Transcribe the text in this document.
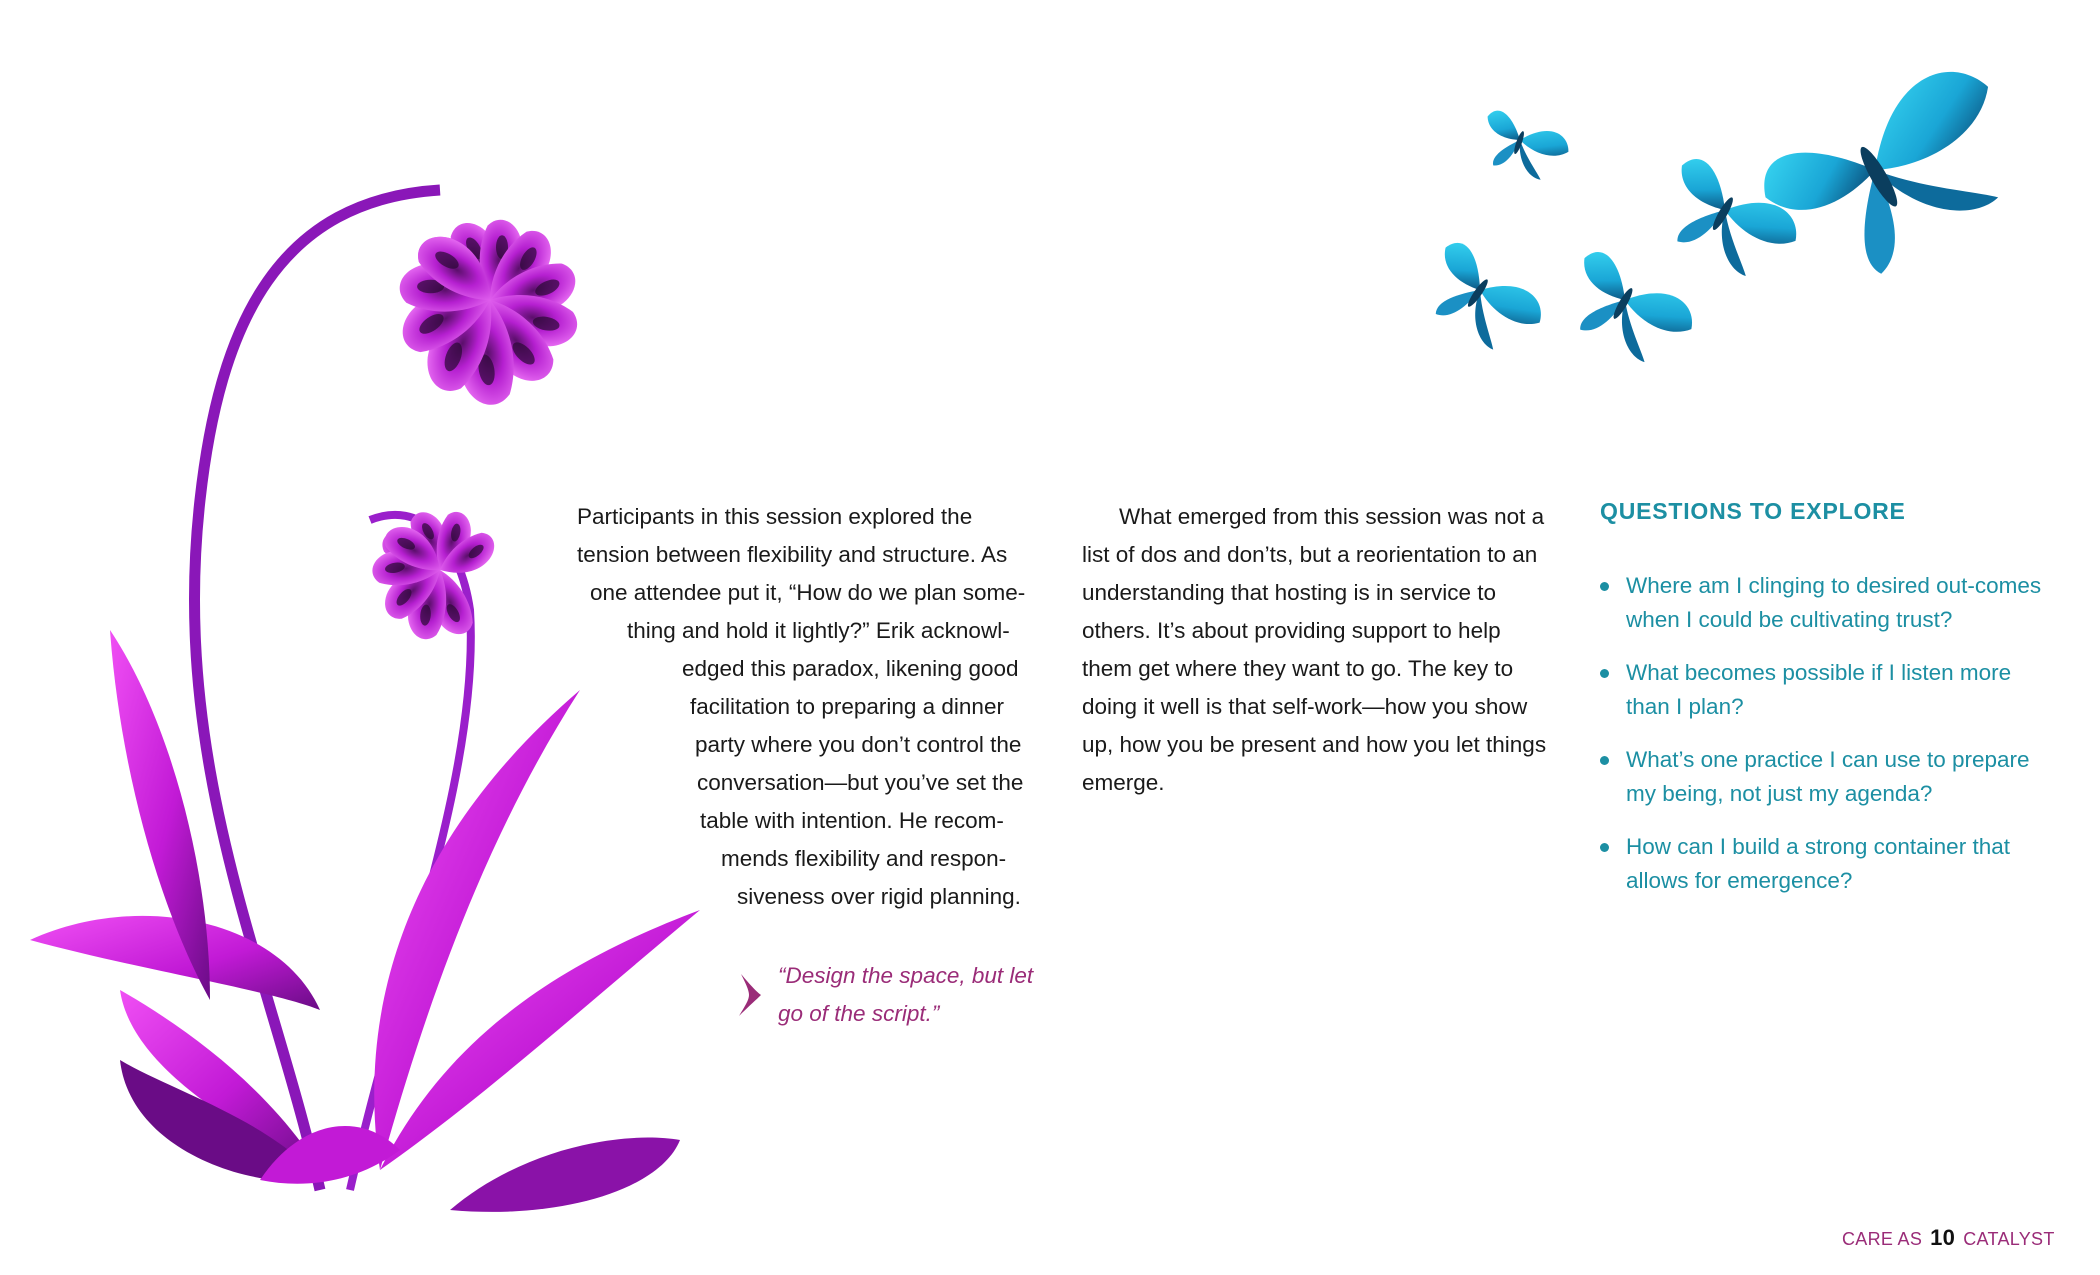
Participants in this session explored the
tension between flexibility and structure. As
one attendee put it, “How do we plan some-
thing and hold it lightly?” Erik acknowl-
edged this paradox, likening good
facilitation to preparing a dinner
party where you don’t control the
conversation—but you’ve set the
table with intention. He recom-
mends flexibility and respon-
siveness over rigid planning.
“Design the space, but let go of the script.”

What emerged from this session was not a list of dos and don’ts, but a reorientation to an understanding that hosting is in service to others. It’s about providing support to help them get where they want to go. The key to doing it well is that self-work—how you show up, how you be present and how you let things emerge.

QUESTIONS TO EXPLORE
Where am I clinging to desired out-comes when I could be cultivating trust?
What becomes possible if I listen more than I plan?
What’s one practice I can use to prepare my being, not just my agenda?
How can I build a strong container that allows for emergence?
CARE AS 10 CATALYST
